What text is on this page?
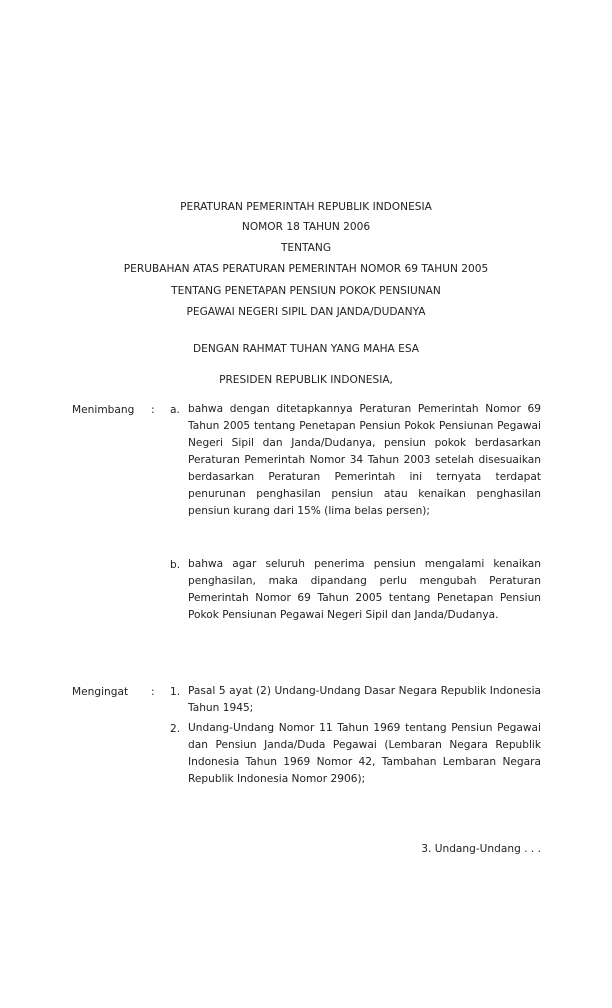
PERATURAN PEMERINTAH REPUBLIK INDONESIA
NOMOR 18 TAHUN 2006
TENTANG
PERUBAHAN ATAS PERATURAN PEMERINTAH NOMOR 69 TAHUN 2005
TENTANG PENETAPAN PENSIUN POKOK PENSIUNAN
PEGAWAI NEGERI SIPIL DAN JANDA/DUDANYA
DENGAN RAHMAT TUHAN YANG MAHA ESA
PRESIDEN REPUBLIK INDONESIA,
Menimbang : a. bahwa dengan ditetapkannya Peraturan Pemerintah Nomor 69 Tahun 2005 tentang Penetapan Pensiun Pokok Pensiunan Pegawai Negeri Sipil dan Janda/Dudanya, pensiun pokok berdasarkan Peraturan Pemerintah Nomor 34 Tahun 2003 setelah disesuaikan berdasarkan Peraturan Pemerintah ini ternyata terdapat penurunan penghasilan pensiun atau kenaikan penghasilan pensiun kurang dari 15% (lima belas persen);
b. bahwa agar seluruh penerima pensiun mengalami kenaikan penghasilan, maka dipandang perlu mengubah Peraturan Pemerintah Nomor 69 Tahun 2005 tentang Penetapan Pensiun Pokok Pensiunan Pegawai Negeri Sipil dan Janda/Dudanya.
Mengingat : 1. Pasal 5 ayat (2) Undang-Undang Dasar Negara Republik Indonesia Tahun 1945;
2. Undang-Undang Nomor 11 Tahun 1969 tentang Pensiun Pegawai dan Pensiun Janda/Duda Pegawai (Lembaran Negara Republik Indonesia Tahun 1969 Nomor 42, Tambahan Lembaran Negara Republik Indonesia Nomor 2906);
3. Undang-Undang . . .
